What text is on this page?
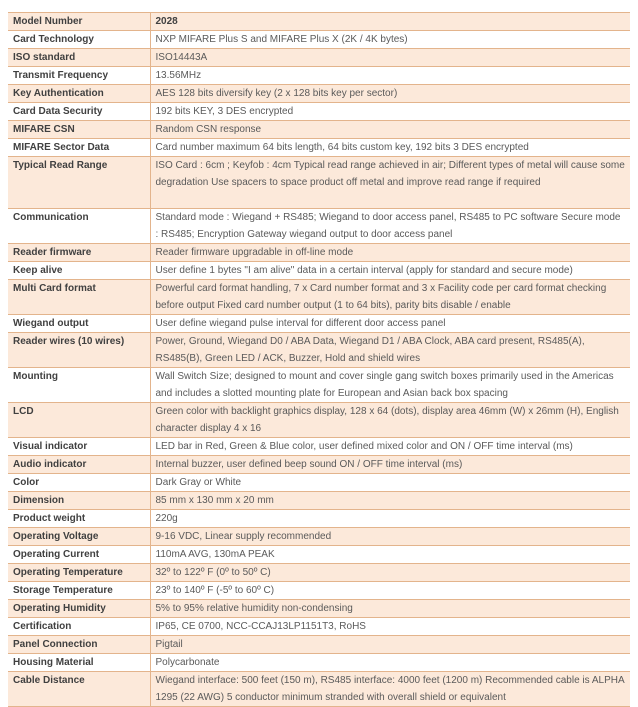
Model Number	2028
Card Technology	NXP MIFARE Plus S and MIFARE Plus X (2K / 4K bytes)
ISO standard	ISO14443A
Transmit Frequency	13.56MHz
Key Authentication	AES 128 bits diversify key (2 x 128 bits key per sector)
Card Data Security	192 bits KEY, 3 DES encrypted
MIFARE CSN	Random CSN response
MIFARE Sector Data	Card number maximum 64 bits length, 64 bits custom key, 192 bits 3 DES encrypted
Typical Read Range	ISO Card : 6cm ; Keyfob : 4cm Typical read range achieved in air; Different types of metal will cause some degradation Use spacers to space product off metal and improve read range if required
Communication	Standard mode : Wiegand + RS485; Wiegand to door access panel, RS485 to PC software Secure mode : RS485; Encryption Gateway wiegand output to door access panel
Reader firmware	Reader firmware upgradable in off-line mode
Keep alive	User define 1 bytes "I am alive" data in a certain interval (apply for standard and secure mode)
Multi Card format	Powerful card format handling, 7 x Card number format and 3 x Facility code per card format checking before output Fixed card number output (1 to 64 bits), parity bits disable / enable
Wiegand output	User define wiegand pulse interval for different door access panel
Reader wires (10 wires)	Power, Ground, Wiegand D0 / ABA Data, Wiegand D1 / ABA Clock, ABA card present, RS485(A), RS485(B), Green LED / ACK, Buzzer, Hold and shield wires
Mounting	Wall Switch Size; designed to mount and cover single gang switch boxes primarily used in the Americas and includes a slotted mounting plate for European and Asian back box spacing
LCD	Green color with backlight graphics display, 128 x 64 (dots), display area 46mm (W) x 26mm (H), English character display 4 x 16
Visual indicator	LED bar in Red, Green & Blue color, user defined mixed color and ON / OFF time interval (ms)
Audio indicator	Internal buzzer, user defined beep sound ON / OFF time interval (ms)
Color	Dark Gray or White
Dimension	85 mm x 130 mm x 20 mm
Product weight	220g
Operating Voltage	9-16 VDC, Linear supply recommended
Operating Current	110mA AVG, 130mA PEAK
Operating Temperature	32º to 122º F (0º to 50º C)
Storage Temperature	23º to 140º F (-5º to 60º C)
Operating Humidity	5% to 95% relative humidity non-condensing
Certification	IP65, CE 0700, NCC-CCAJ13LP1151T3, RoHS
Panel Connection	Pigtail
Housing Material	Polycarbonate
Cable Distance	Wiegand interface: 500 feet (150 m), RS485 interface: 4000 feet (1200 m) Recommended cable is ALPHA 1295 (22 AWG) 5 conductor minimum stranded with overall shield or equivalent
